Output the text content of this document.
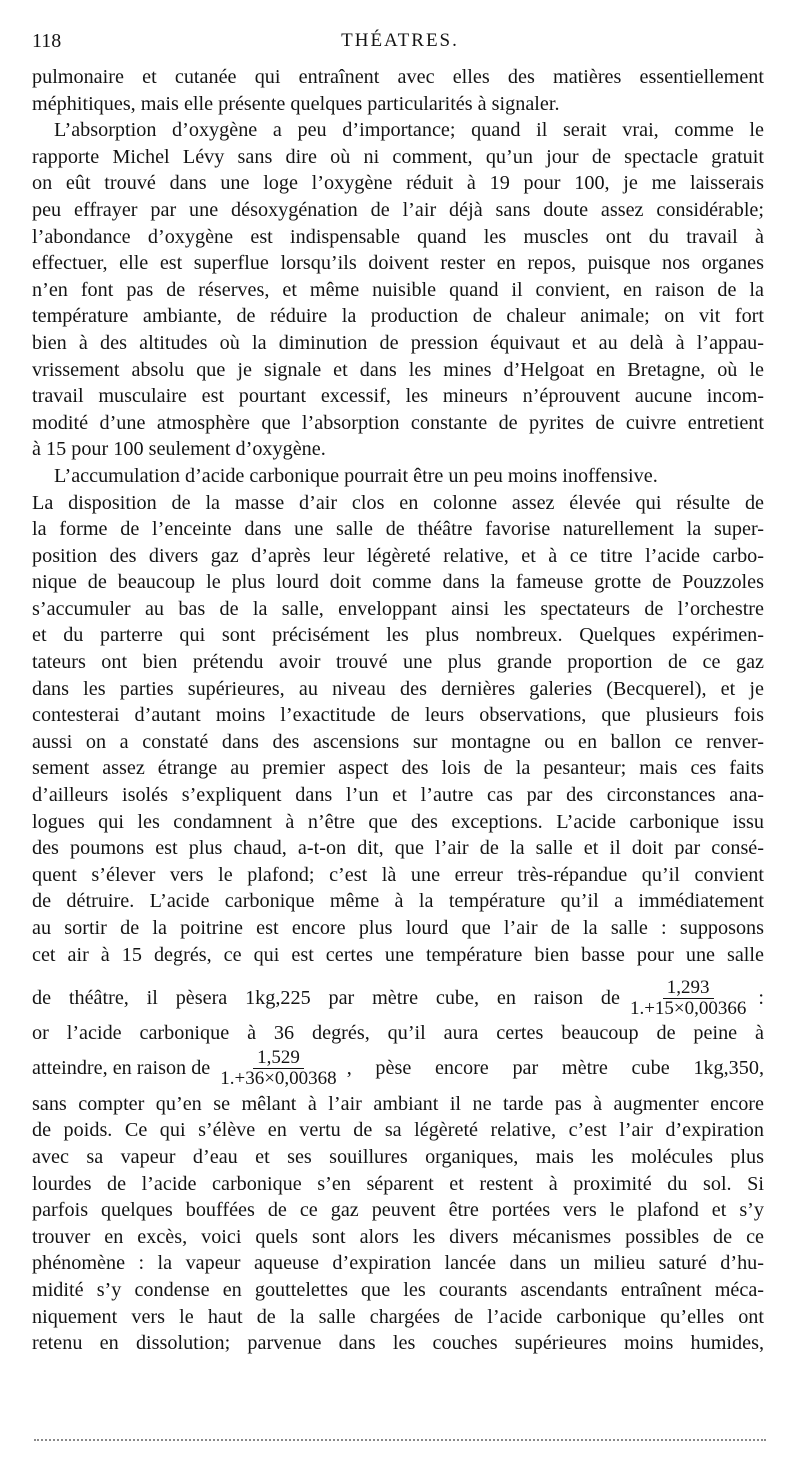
118	THÉATRES.
pulmonaire et cutanée qui entraînent avec elles des matières essentiellement
méphitiques, mais elle présente quelques particularités à signaler.
L’absorption d’oxygène a peu d’importance; quand il serait vrai, comme le
rapporte Michel Lévy sans dire où ni comment, qu’un jour de spectacle gratuit
on eût trouvé dans une loge l’oxygène réduit à 19 pour 100, je me laisserais
peu effrayer par une désoxygénation de l’air déjà sans doute assez considérable;
l’abondance d’oxygène est indispensable quand les muscles ont du travail à
effectuer, elle est superflue lorsqu’ils doivent rester en repos, puisque nos organes
n’en font pas de réserves, et même nuisible quand il convient, en raison de la
température ambiante, de réduire la production de chaleur animale; on vit fort
bien à des altitudes où la diminution de pression équivaut et au delà à l’appau-
vrissement absolu que je signale et dans les mines d’Helgoat en Bretagne, où le
travail musculaire est pourtant excessif, les mineurs n’éprouvent aucune incom-
modité d’une atmosphère que l’absorption constante de pyrites de cuivre entretient
à 15 pour 100 seulement d’oxygène.
L’accumulation d’acide carbonique pourrait être un peu moins inoffensive.
La disposition de la masse d’air clos en colonne assez élevée qui résulte de
la forme de l’enceinte dans une salle de théâtre favorise naturellement la super-
position des divers gaz d’après leur légèreté relative, et à ce titre l’acide carbo-
nique de beaucoup le plus lourd doit comme dans la fameuse grotte de Pouzzoles
s’accumuler au bas de la salle, enveloppant ainsi les spectateurs de l’orchestre
et du parterre qui sont précisément les plus nombreux. Quelques expérimen-
tateurs ont bien prétendu avoir trouvé une plus grande proportion de ce gaz
dans les parties supérieures, au niveau des dernières galeries (Becquerel), et je
contesterai d’autant moins l’exactitude de leurs observations, que plusieurs fois
aussi on a constaté dans des ascensions sur montagne ou en ballon ce renver-
sement assez étrange au premier aspect des lois de la pesanteur; mais ces faits
d’ailleurs isolés s’expliquent dans l’un et l’autre cas par des circonstances ana-
logues qui les condamnent à n’être que des exceptions. L’acide carbonique issu
des poumons est plus chaud, a-t-on dit, que l’air de la salle et il doit par consé-
quent s’élever vers le plafond; c’est là une erreur très-répandue qu’il convient
de détruire. L’acide carbonique même à la température qu’il a immédiatement
au sortir de la poitrine est encore plus lourd que l’air de la salle : supposons
cet air à 15 degrés, ce qui est certes une température bien basse pour une salle
de théâtre, il pèsera 1kg,225 par mètre cube, en raison de $\frac{1,293}{1.+15\times 0,00366}$ :
or l’acide carbonique à 36 degrés, qu’il aura certes beaucoup de peine à
atteindre, en raison de $\frac{1,529}{1.+36\times 0,00368}$ , pèse encore par mètre cube 1kg,350,
sans compter qu’en se mêlant à l’air ambiant il ne tarde pas à augmenter encore
de poids. Ce qui s’élève en vertu de sa légèreté relative, c’est l’air d’expiration
avec sa vapeur d’eau et ses souillures organiques, mais les molécules plus
lourdes de l’acide carbonique s’en séparent et restent à proximité du sol. Si
parfois quelques bouffées de ce gaz peuvent être portées vers le plafond et s’y
trouver en excès, voici quels sont alors les divers mécanismes possibles de ce
phénomène : la vapeur aqueuse d’expiration lancée dans un milieu saturé d’hu-
midité s’y condense en gouttelettes que les courants ascendants entraînent méca-
niquement vers le haut de la salle chargées de l’acide carbonique qu’elles ont
retenu en dissolution; parvenue dans les couches supérieures moins humides,
